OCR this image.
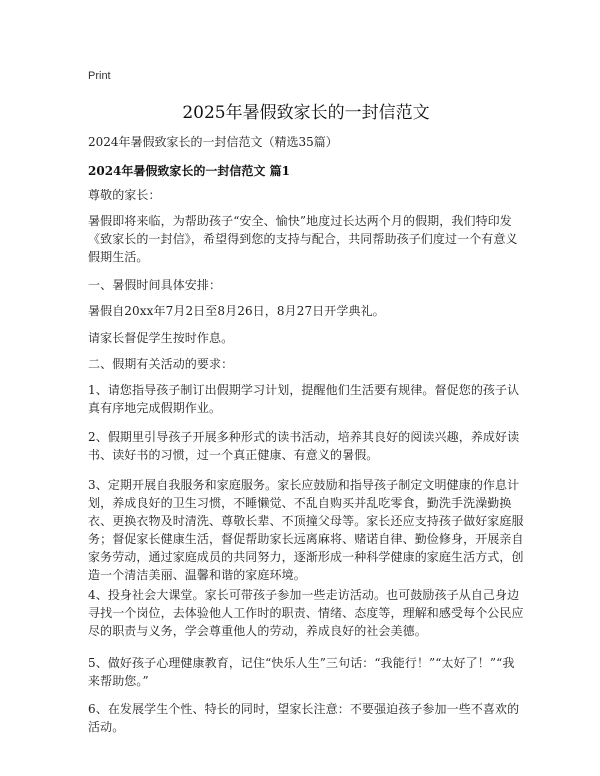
Print
2025年暑假致家长的一封信范文
2024年暑假致家长的一封信范文（精选35篇）
2024年暑假致家长的一封信范文 篇1
尊敬的家长：
暑假即将来临，为帮助孩子“安全、愉快”地度过长达两个月的假期，我们特印发《致家长的一封信》，希望得到您的支持与配合，共同帮助孩子们度过一个有意义假期生活。
一、暑假时间具体安排：
暑假自20xx年7月2日至8月26日，8月27日开学典礼。
请家长督促学生按时作息。
二、假期有关活动的要求：
1、请您指导孩子制订出假期学习计划，提醒他们生活要有规律。督促您的孩子认真有序地完成假期作业。
2、假期里引导孩子开展多种形式的读书活动，培养其良好的阅读兴趣，养成好读书、读好书的习惯，过一个真正健康、有意义的暑假。
3、定期开展自我服务和家庭服务。家长应鼓励和指导孩子制定文明健康的作息计划，养成良好的卫生习惯，不睡懒觉、不乱自购买并乱吃零食，勤洗手洗澡勤换衣、更换衣物及时清洗、尊敬长辈、不顶撞父母等。家长还应支持孩子做好家庭服务；督促家长健康生活，督促帮助家长远离麻将、赌诺自律、勤俭修身，开展亲自家务劳动，通过家庭成员的共同努力，逐渐形成一种科学健康的家庭生活方式，创造一个清洁美丽、温馨和谐的家庭环境。
4、投身社会大课堂。家长可带孩子参加一些走访活动。也可鼓励孩子从自己身边寻找一个岗位，去体验他人工作时的职责、情绪、态度等，理解和感受每个公民应尽的职责与义务，学会尊重他人的劳动，养成良好的社会美德。
5、做好孩子心理健康教育，记住“快乐人生”三句话：“我能行！”“太好了！”“我来帮助您。”
6、在发展学生个性、特长的同时，望家长注意：不要强迫孩子参加一些不喜欢的活动。
